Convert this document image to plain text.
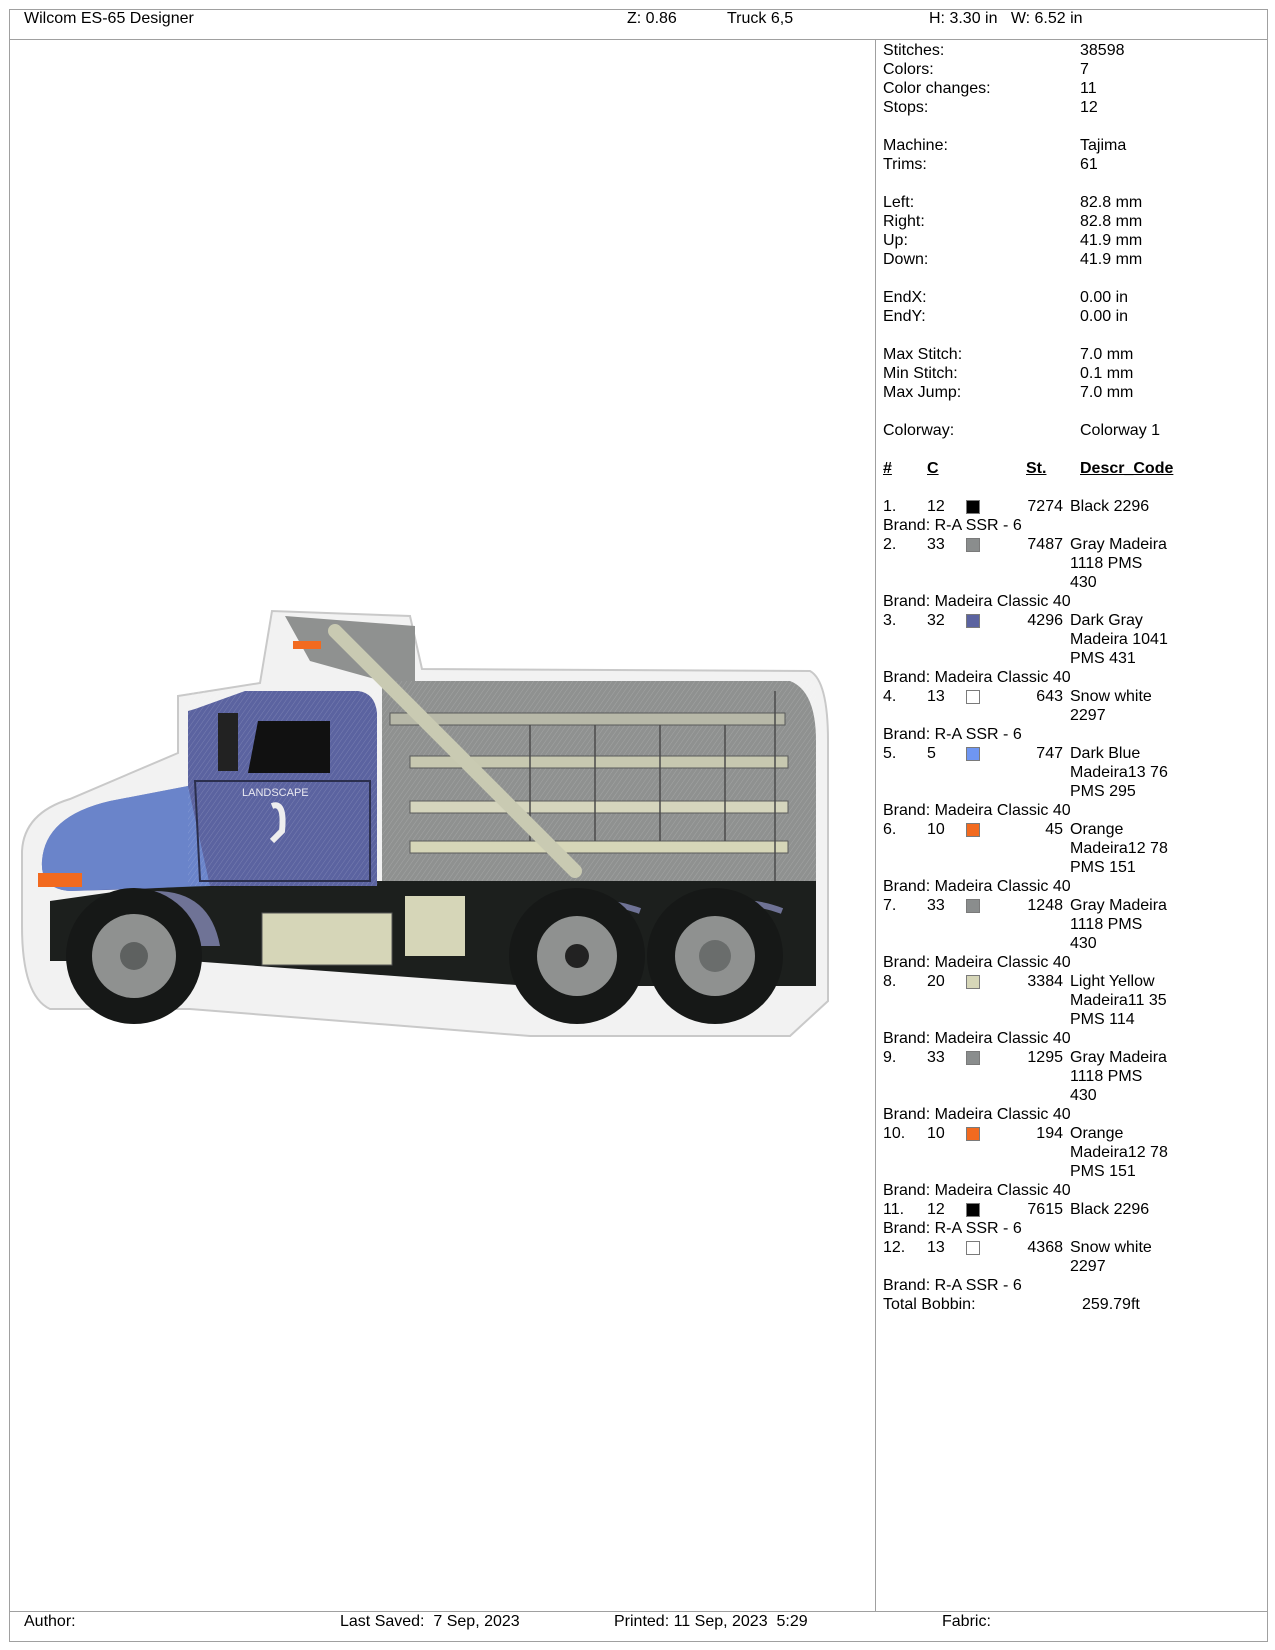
Wilcom ES-65 Designer	Z: 0.86	Truck 6,5	H: 3.30 in   W: 6.52 in
LANDSCAPE
Stitches:	38598
Colors:	7
Color changes:	11
Stops:	12
Machine:	Tajima
Trims:	61
Left:	82.8 mm
Right:	82.8 mm
Up:	41.9 mm
Down:	41.9 mm
EndX:	0.00 in
EndY:	0.00 in
Max Stitch:	7.0 mm
Min Stitch:	0.1 mm
Max Jump:	7.0 mm
Colorway:	Colorway 1
# C	St. Descr_Code
1. 12	7274 Black 2296
Brand: R-A SSR - 6
2. 33	7487 Gray Madeira
1118 PMS
430
Brand: Madeira Classic 40
3. 32	4296 Dark Gray
Madeira 1041
PMS 431
Brand: Madeira Classic 40
4. 13	643 Snow white
2297
Brand: R-A SSR - 6
5. 5	747 Dark Blue
Madeira13 76
PMS 295
Brand: Madeira Classic 40
6. 10	45 Orange
Madeira12 78
PMS 151
Brand: Madeira Classic 40
7. 33	1248 Gray Madeira
1118 PMS
430
Brand: Madeira Classic 40
8. 20	3384 Light Yellow
Madeira11 35
PMS 114
Brand: Madeira Classic 40
9. 33	1295 Gray Madeira
1118 PMS
430
Brand: Madeira Classic 40
10. 10	194 Orange
Madeira12 78
PMS 151
Brand: Madeira Classic 40
11. 12	7615 Black 2296
Brand: R-A SSR - 6
12. 13	4368 Snow white
2297
Brand: R-A SSR - 6
Total Bobbin:	259.79ft
Author:	Last Saved:  7 Sep, 2023	Printed: 11 Sep, 2023  5:29	Fabric:
